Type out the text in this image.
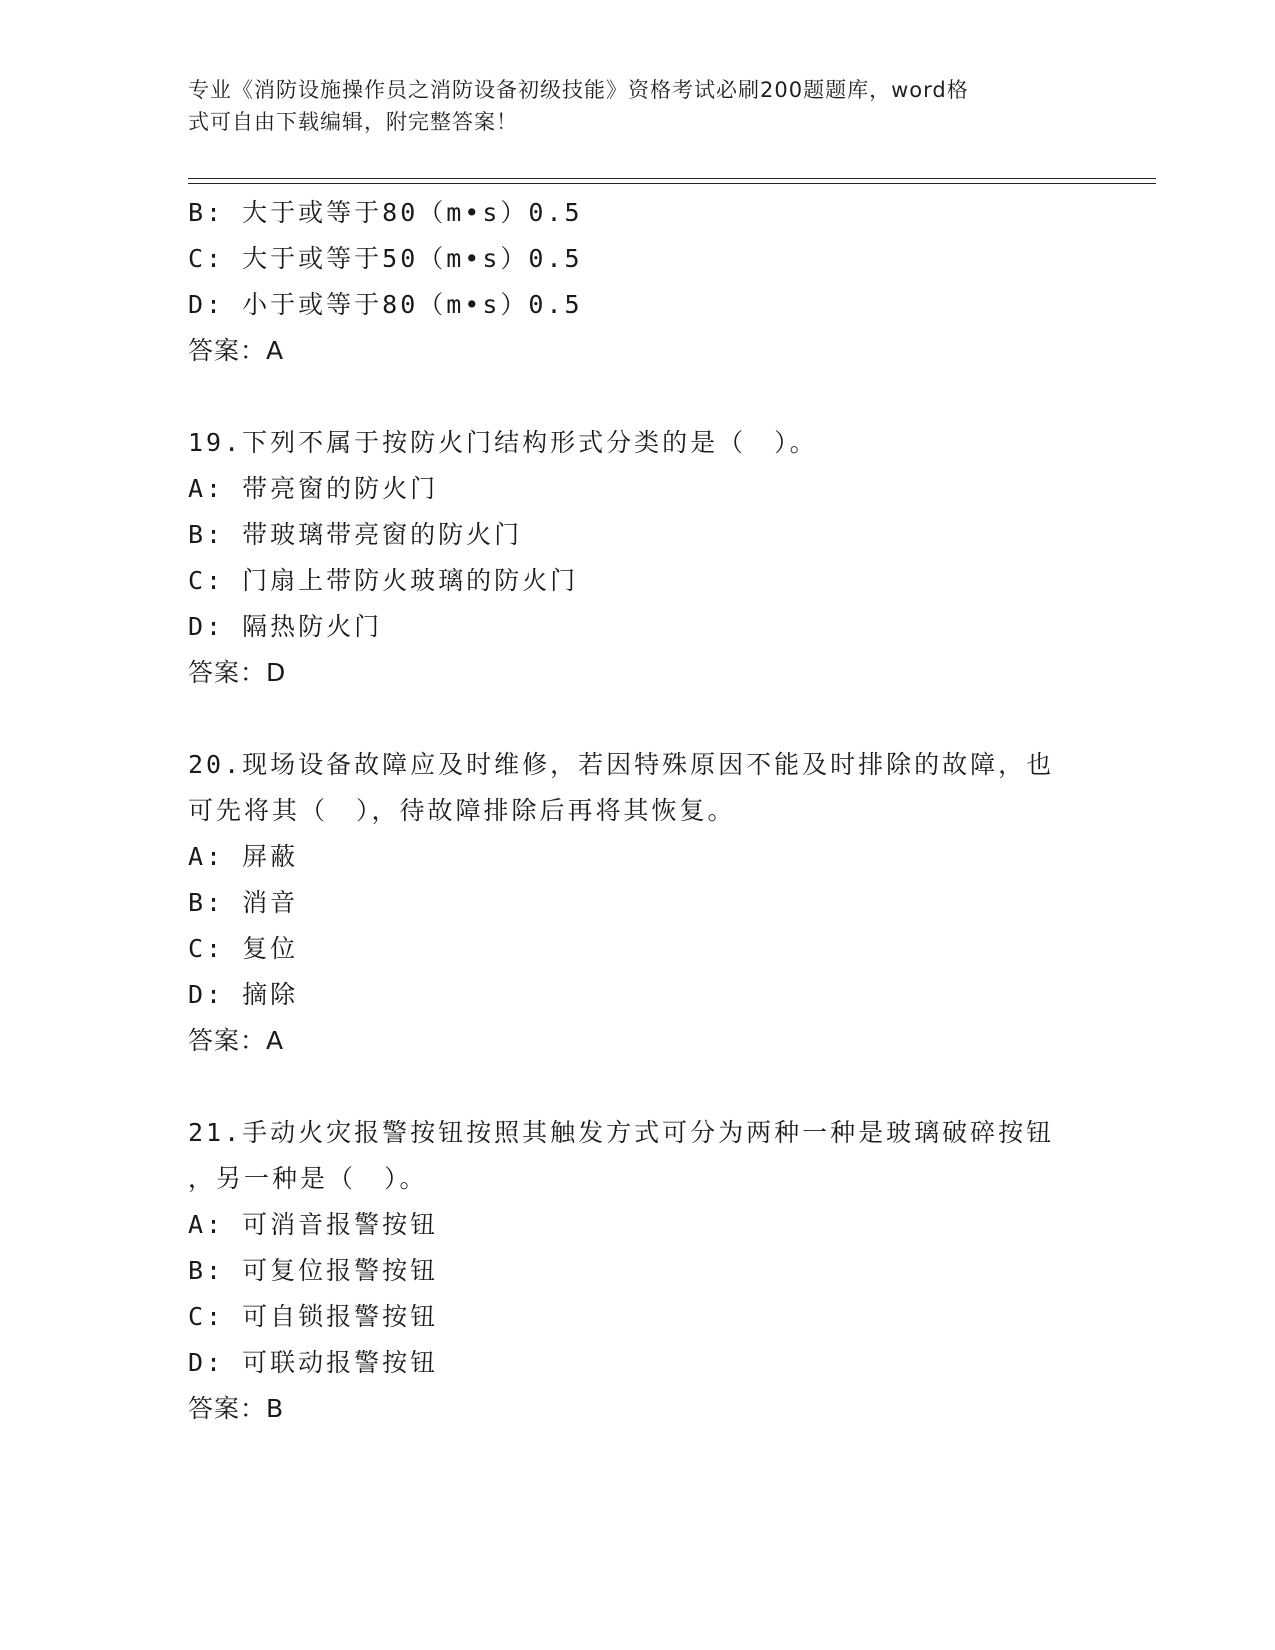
专业《消防设施操作员之消防设备初级技能》资格考试必刷200题题库，word格
式可自由下载编辑，附完整答案！
B: 大于或等于80（m•s）0.5
C: 大于或等于50（m•s）0.5
D: 小于或等于80（m•s）0.5
答案：A
19.下列不属于按防火门结构形式分类的是（　）。
A: 带亮窗的防火门
B: 带玻璃带亮窗的防火门
C: 门扇上带防火玻璃的防火门
D: 隔热防火门
答案：D
20.现场设备故障应及时维修，若因特殊原因不能及时排除的故障，也
可先将其（　），待故障排除后再将其恢复。
A: 屏蔽
B: 消音
C: 复位
D: 摘除
答案：A
21.手动火灾报警按钮按照其触发方式可分为两种一种是玻璃破碎按钮
，另一种是（　）。
A: 可消音报警按钮
B: 可复位报警按钮
C: 可自锁报警按钮
D: 可联动报警按钮
答案：B
